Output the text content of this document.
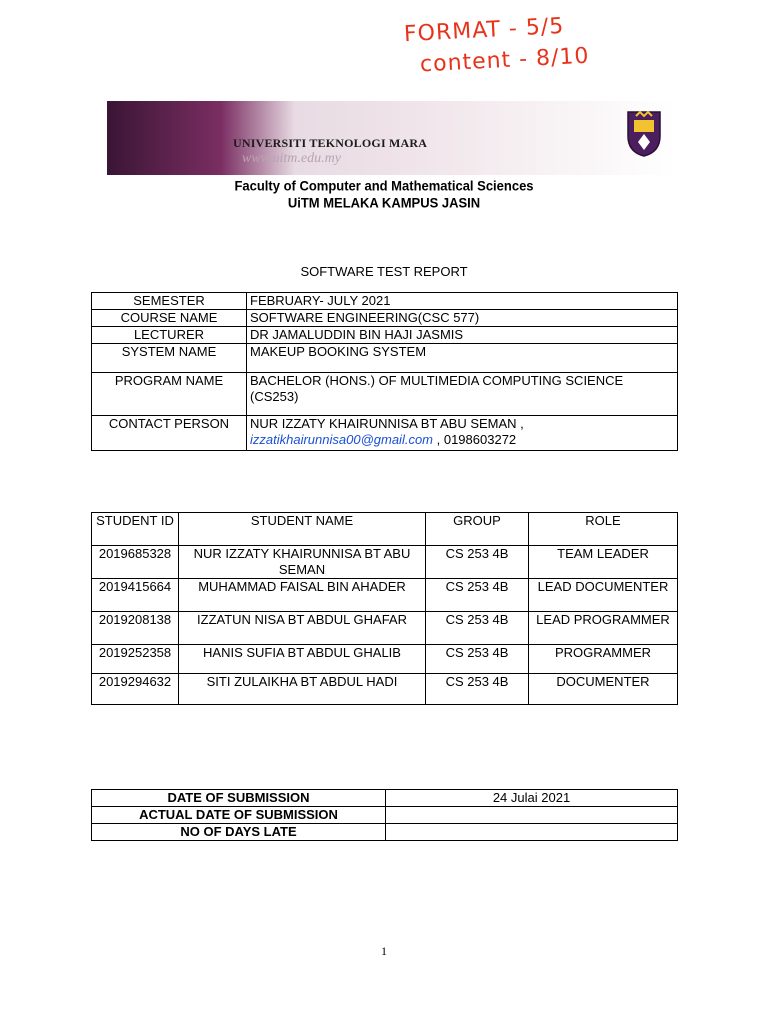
FORMAT - 5/5
content - 8/10
UNIVERSITI TEKNOLOGI MARA
www.uitm.edu.my
Faculty of Computer and Mathematical Sciences
UiTM MELAKA KAMPUS JASIN
SOFTWARE TEST REPORT
SEMESTER	FEBRUARY- JULY 2021
COURSE NAME	SOFTWARE ENGINEERING(CSC 577)
LECTURER	DR JAMALUDDIN BIN HAJI JASMIS
SYSTEM NAME	MAKEUP BOOKING SYSTEM
PROGRAM NAME	BACHELOR (HONS.) OF MULTIMEDIA COMPUTING SCIENCE (CS253)
CONTACT PERSON	NUR IZZATY KHAIRUNNISA BT ABU SEMAN , izzatikhairunnisa00@gmail.com , 0198603272
STUDENT ID	STUDENT NAME	GROUP	ROLE
2019685328	NUR IZZATY KHAIRUNNISA BT ABU SEMAN	CS 253 4B	TEAM LEADER
2019415664	MUHAMMAD FAISAL BIN AHADER	CS 253 4B	LEAD DOCUMENTER
2019208138	IZZATUN NISA BT ABDUL GHAFAR	CS 253 4B	LEAD PROGRAMMER
2019252358	HANIS SUFIA BT ABDUL GHALIB	CS 253 4B	PROGRAMMER
2019294632	SITI ZULAIKHA BT ABDUL HADI	CS 253 4B	DOCUMENTER
DATE OF SUBMISSION	24 Julai 2021
ACTUAL DATE OF SUBMISSION	
NO OF DAYS LATE	
1
